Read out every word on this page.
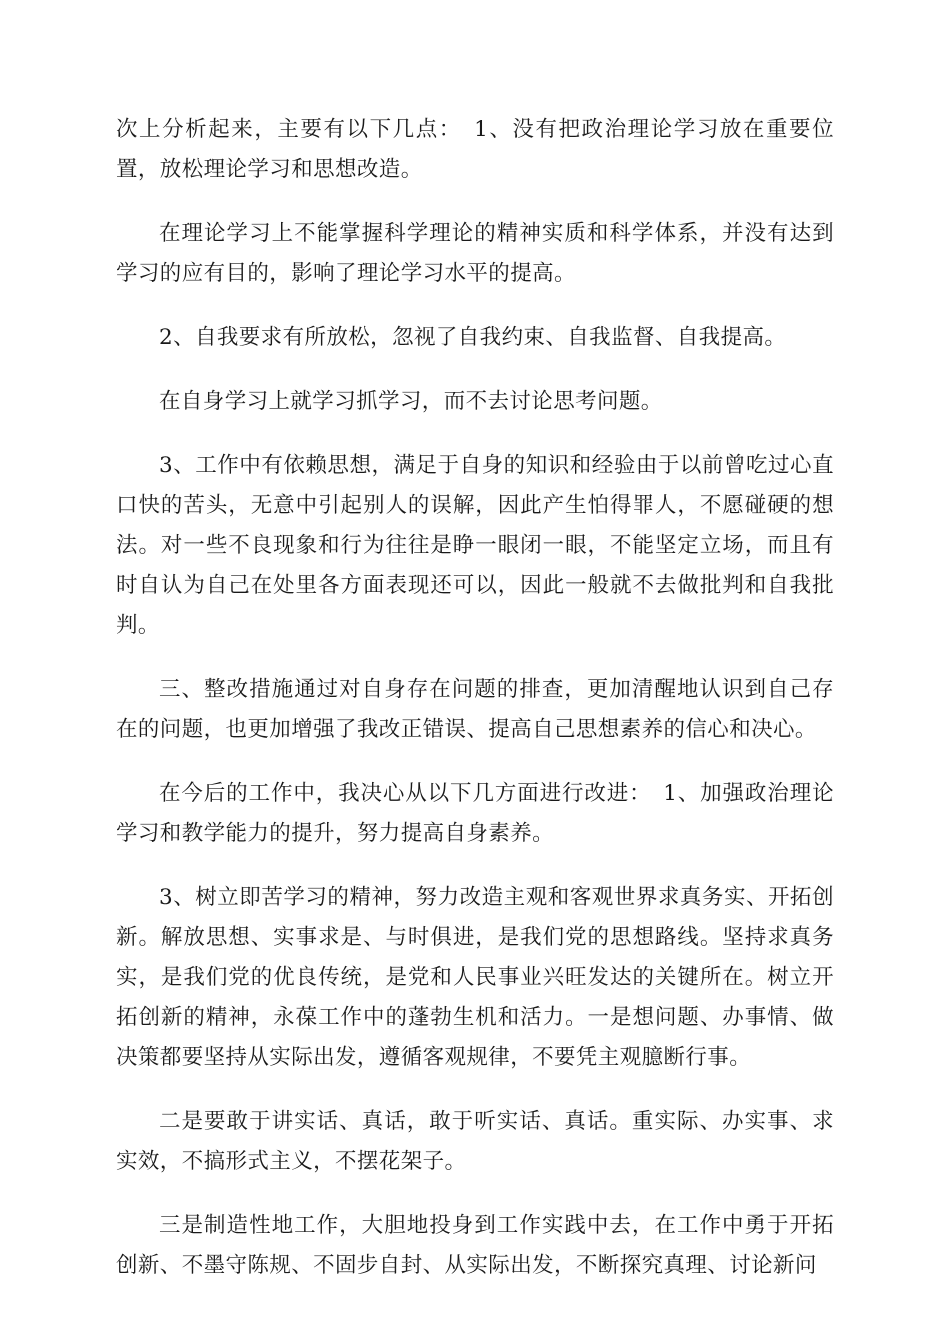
次上分析起来，主要有以下几点：　1、没有把政治理论学习放在重要位置，放松理论学习和思想改造。

在理论学习上不能掌握科学理论的精神实质和科学体系，并没有达到学习的应有目的，影响了理论学习水平的提高。

2、自我要求有所放松，忽视了自我约束、自我监督、自我提高。

在自身学习上就学习抓学习，而不去讨论思考问题。

3、工作中有依赖思想，满足于自身的知识和经验由于以前曾吃过心直口快的苦头，无意中引起别人的误解，因此产生怕得罪人，不愿碰硬的想法。对一些不良现象和行为往往是睁一眼闭一眼，不能坚定立场，而且有时自认为自己在处里各方面表现还可以，因此一般就不去做批判和自我批判。

三、整改措施通过对自身存在问题的排查，更加清醒地认识到自己存在的问题，也更加增强了我改正错误、提高自己思想素养的信心和决心。

在今后的工作中，我决心从以下几方面进行改进：　1、加强政治理论学习和教学能力的提升，努力提高自身素养。

3、树立即苦学习的精神，努力改造主观和客观世界求真务实、开拓创新。解放思想、实事求是、与时俱进，是我们党的思想路线。坚持求真务实，是我们党的优良传统，是党和人民事业兴旺发达的关键所在。树立开拓创新的精神，永葆工作中的蓬勃生机和活力。一是想问题、办事情、做决策都要坚持从实际出发，遵循客观规律，不要凭主观臆断行事。

二是要敢于讲实话、真话，敢于听实话、真话。重实际、办实事、求实效，不搞形式主义，不摆花架子。

三是制造性地工作，大胆地投身到工作实践中去，在工作中勇于开拓创新、不墨守陈规、不固步自封、从实际出发，不断探究真理、讨论新问
